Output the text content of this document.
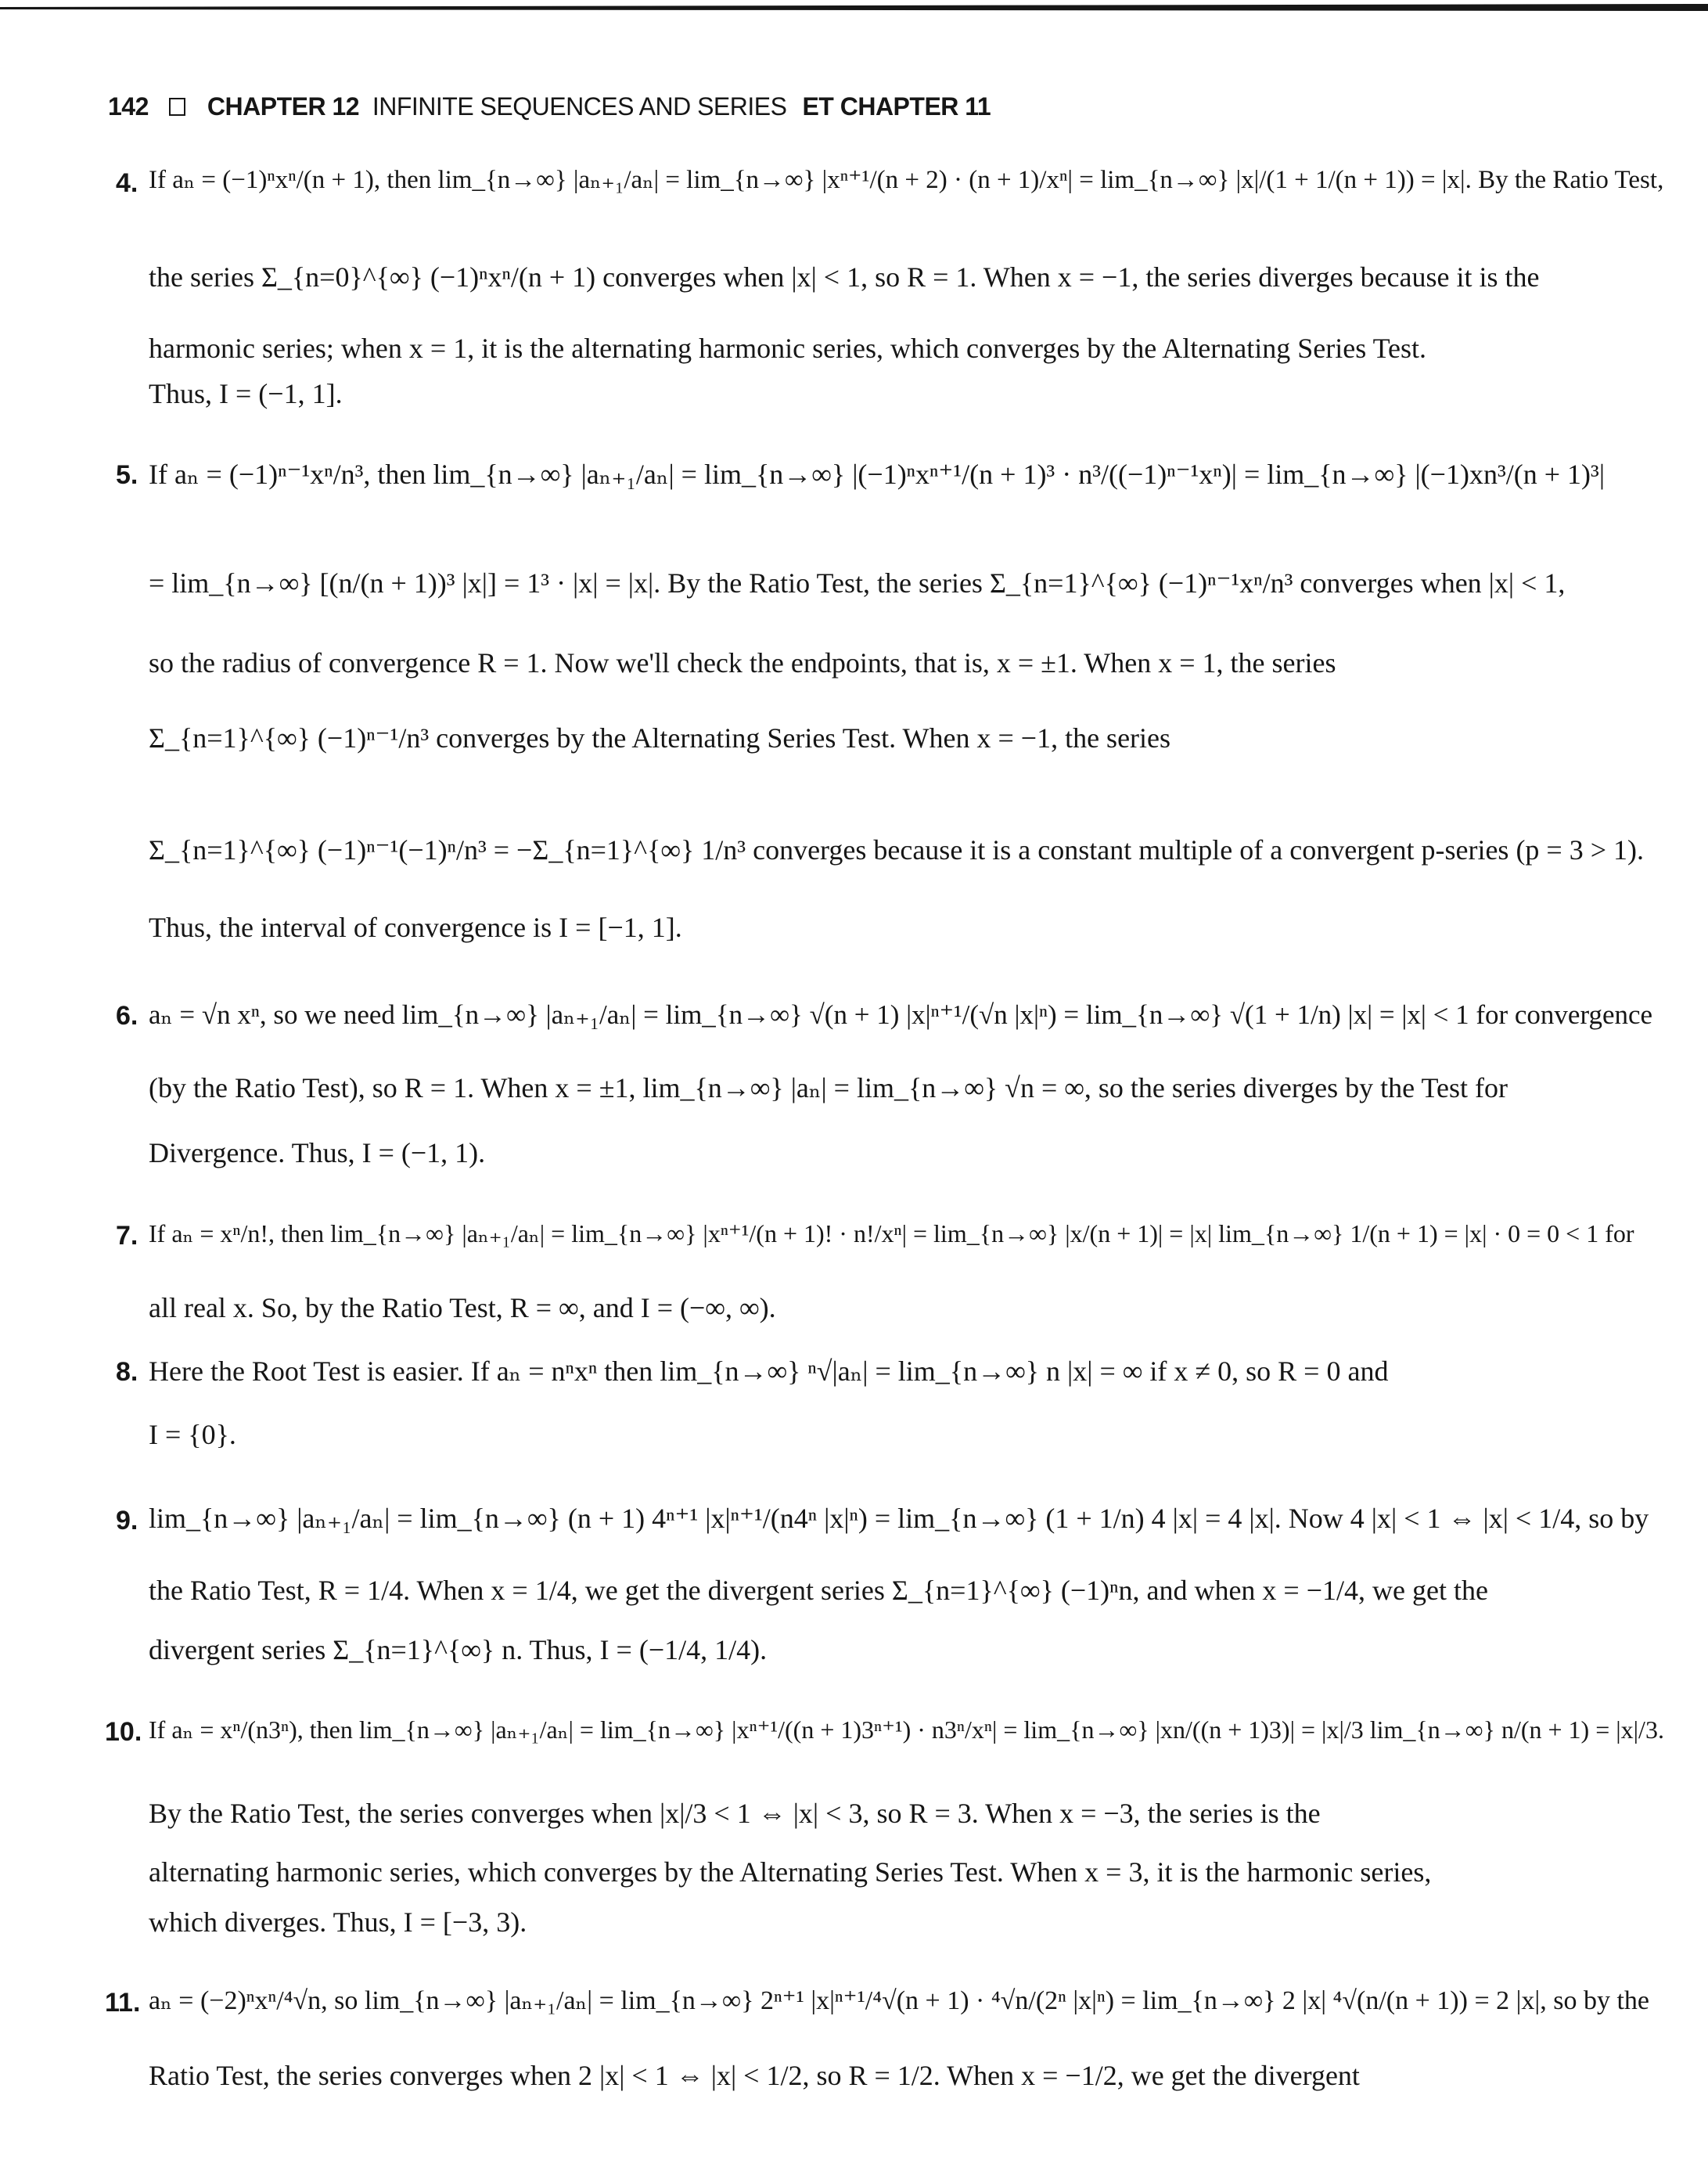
142 CHAPTER 12 INFINITE SEQUENCES AND SERIES ET CHAPTER 11
4. If aₙ = (−1)ⁿxⁿ/(n + 1), then lim_{n→∞} |aₙ₊₁/aₙ| = lim_{n→∞} |xⁿ⁺¹/(n + 2) · (n + 1)/xⁿ| = lim_{n→∞} |x|/(1 + 1/(n + 1)) = |x|. By the Ratio Test,
the series Σ_{n=0}^{∞} (−1)ⁿxⁿ/(n + 1) converges when |x| < 1, so R = 1. When x = −1, the series diverges because it is the
harmonic series; when x = 1, it is the alternating harmonic series, which converges by the Alternating Series Test.
Thus, I = (−1, 1].
5. If aₙ = (−1)ⁿ⁻¹xⁿ/n³, then lim_{n→∞} |aₙ₊₁/aₙ| = lim_{n→∞} |(−1)ⁿxⁿ⁺¹/(n + 1)³ · n³/((−1)ⁿ⁻¹xⁿ)| = lim_{n→∞} |(−1)xn³/(n + 1)³|
= lim_{n→∞} [(n/(n + 1))³ |x|] = 1³ · |x| = |x|. By the Ratio Test, the series Σ_{n=1}^{∞} (−1)ⁿ⁻¹xⁿ/n³ converges when |x| < 1,
so the radius of convergence R = 1. Now we'll check the endpoints, that is, x = ±1. When x = 1, the series
Σ_{n=1}^{∞} (−1)ⁿ⁻¹/n³ converges by the Alternating Series Test. When x = −1, the series
Σ_{n=1}^{∞} (−1)ⁿ⁻¹(−1)ⁿ/n³ = −Σ_{n=1}^{∞} 1/n³ converges because it is a constant multiple of a convergent p-series (p = 3 > 1).
Thus, the interval of convergence is I = [−1, 1].
6. aₙ = √n xⁿ, so we need lim_{n→∞} |aₙ₊₁/aₙ| = lim_{n→∞} √(n + 1) |x|ⁿ⁺¹/(√n |x|ⁿ) = lim_{n→∞} √(1 + 1/n) |x| = |x| < 1 for convergence
(by the Ratio Test), so R = 1. When x = ±1, lim_{n→∞} |aₙ| = lim_{n→∞} √n = ∞, so the series diverges by the Test for
Divergence. Thus, I = (−1, 1).
7. If aₙ = xⁿ/n!, then lim_{n→∞} |aₙ₊₁/aₙ| = lim_{n→∞} |xⁿ⁺¹/(n + 1)! · n!/xⁿ| = lim_{n→∞} |x/(n + 1)| = |x| lim_{n→∞} 1/(n + 1) = |x| · 0 = 0 < 1 for
all real x. So, by the Ratio Test, R = ∞, and I = (−∞, ∞).
8. Here the Root Test is easier. If aₙ = nⁿxⁿ then lim_{n→∞} ⁿ√|aₙ| = lim_{n→∞} n |x| = ∞ if x ≠ 0, so R = 0 and
I = {0}.
9. lim_{n→∞} |aₙ₊₁/aₙ| = lim_{n→∞} (n + 1) 4ⁿ⁺¹ |x|ⁿ⁺¹/(n4ⁿ |x|ⁿ) = lim_{n→∞} (1 + 1/n) 4 |x| = 4 |x|. Now 4 |x| < 1 ⇔ |x| < 1/4, so by
the Ratio Test, R = 1/4. When x = 1/4, we get the divergent series Σ_{n=1}^{∞} (−1)ⁿn, and when x = −1/4, we get the
divergent series Σ_{n=1}^{∞} n. Thus, I = (−1/4, 1/4).
10. If aₙ = xⁿ/(n3ⁿ), then lim_{n→∞} |aₙ₊₁/aₙ| = lim_{n→∞} |xⁿ⁺¹/((n + 1)3ⁿ⁺¹) · n3ⁿ/xⁿ| = lim_{n→∞} |xn/((n + 1)3)| = |x|/3 lim_{n→∞} n/(n + 1) = |x|/3.
By the Ratio Test, the series converges when |x|/3 < 1 ⇔ |x| < 3, so R = 3. When x = −3, the series is the
alternating harmonic series, which converges by the Alternating Series Test. When x = 3, it is the harmonic series,
which diverges. Thus, I = [−3, 3).
11. aₙ = (−2)ⁿxⁿ/⁴√n, so lim_{n→∞} |aₙ₊₁/aₙ| = lim_{n→∞} 2ⁿ⁺¹ |x|ⁿ⁺¹/⁴√(n + 1) · ⁴√n/(2ⁿ |x|ⁿ) = lim_{n→∞} 2 |x| ⁴√(n/(n + 1)) = 2 |x|, so by the
Ratio Test, the series converges when 2 |x| < 1 ⇔ |x| < 1/2, so R = 1/2. When x = −1/2, we get the divergent
